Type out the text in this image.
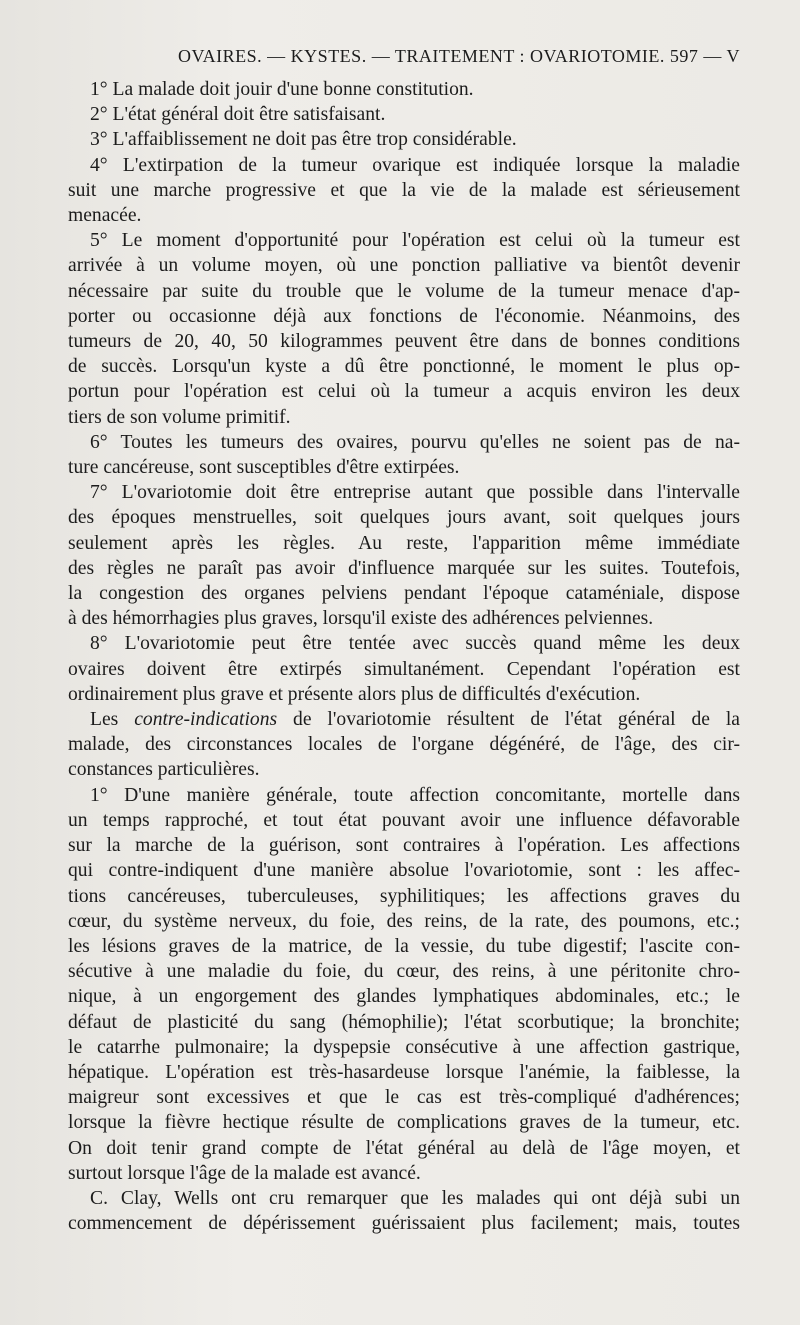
OVAIRES. — KYSTES. — TRAITEMENT : OVARIOTOMIE. 597 — V

1° La malade doit jouir d'une bonne constitution.

2° L'état général doit être satisfaisant.

3° L'affaiblissement ne doit pas être trop considérable.

4° L'extirpation de la tumeur ovarique est indiquée lorsque la maladie

suit une marche progressive et que la vie de la malade est sérieusement

menacée.

5° Le moment d'opportunité pour l'opération est celui où la tumeur est

arrivée à un volume moyen, où une ponction palliative va bientôt devenir

nécessaire par suite du trouble que le volume de la tumeur menace d'ap-

porter ou occasionne déjà aux fonctions de l'économie. Néanmoins, des

tumeurs de 20, 40, 50 kilogrammes peuvent être dans de bonnes conditions

de succès. Lorsqu'un kyste a dû être ponctionné, le moment le plus op-

portun pour l'opération est celui où la tumeur a acquis environ les deux

tiers de son volume primitif.

6° Toutes les tumeurs des ovaires, pourvu qu'elles ne soient pas de na-

ture cancéreuse, sont susceptibles d'être extirpées.

7° L'ovariotomie doit être entreprise autant que possible dans l'intervalle

des époques menstruelles, soit quelques jours avant, soit quelques jours

seulement après les règles. Au reste, l'apparition même immédiate

des règles ne paraît pas avoir d'influence marquée sur les suites. Toutefois,

la congestion des organes pelviens pendant l'époque cataméniale, dispose

à des hémorrhagies plus graves, lorsqu'il existe des adhérences pelviennes.

8° L'ovariotomie peut être tentée avec succès quand même les deux

ovaires doivent être extirpés simultanément. Cependant l'opération est

ordinairement plus grave et présente alors plus de difficultés d'exécution.

Les contre-indications de l'ovariotomie résultent de l'état général de la

malade, des circonstances locales de l'organe dégénéré, de l'âge, des cir-

constances particulières.

1° D'une manière générale, toute affection concomitante, mortelle dans

un temps rapproché, et tout état pouvant avoir une influence défavorable

sur la marche de la guérison, sont contraires à l'opération. Les affections

qui contre-indiquent d'une manière absolue l'ovariotomie, sont : les affec-

tions cancéreuses, tuberculeuses, syphilitiques; les affections graves du

cœur, du système nerveux, du foie, des reins, de la rate, des poumons, etc.;

les lésions graves de la matrice, de la vessie, du tube digestif; l'ascite con-

sécutive à une maladie du foie, du cœur, des reins, à une péritonite chro-

nique, à un engorgement des glandes lymphatiques abdominales, etc.; le

défaut de plasticité du sang (hémophilie); l'état scorbutique; la bronchite;

le catarrhe pulmonaire; la dyspepsie consécutive à une affection gastrique,

hépatique. L'opération est très-hasardeuse lorsque l'anémie, la faiblesse, la

maigreur sont excessives et que le cas est très-compliqué d'adhérences;

lorsque la fièvre hectique résulte de complications graves de la tumeur, etc.

On doit tenir grand compte de l'état général au delà de l'âge moyen, et

surtout lorsque l'âge de la malade est avancé.

C. Clay, Wells ont cru remarquer que les malades qui ont déjà subi un

commencement de dépérissement guérissaient plus facilement; mais, toutes
